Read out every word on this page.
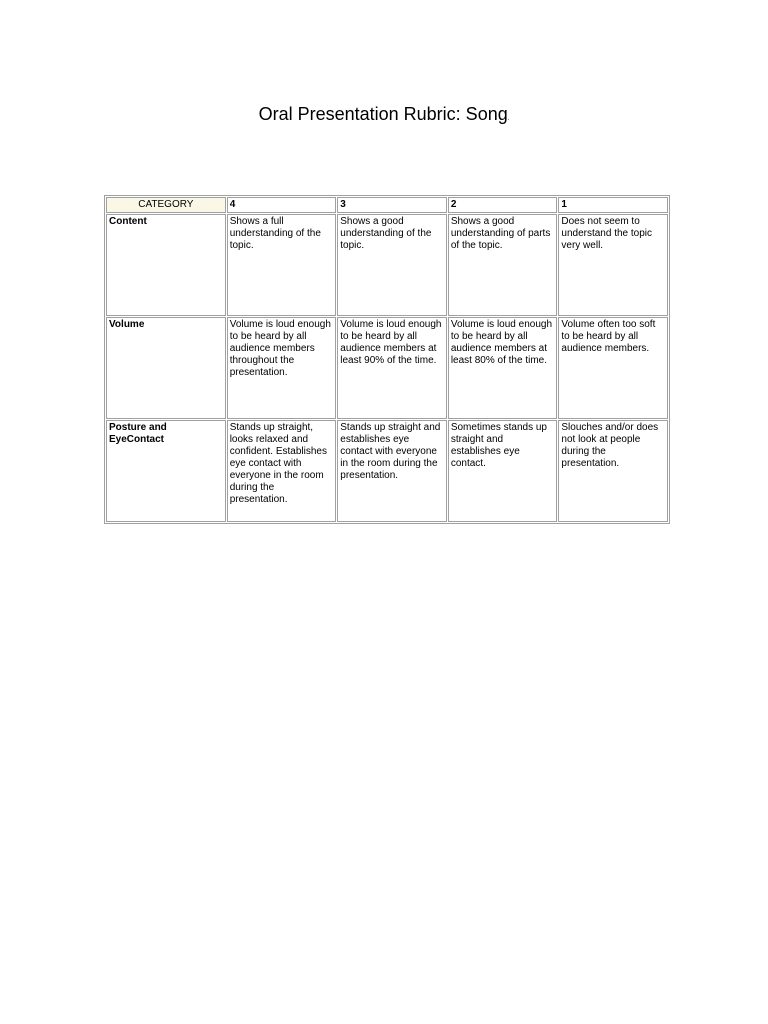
Oral Presentation Rubric: Song.
CATEGORY	4	3	2	1
Content	Shows a full understanding of the topic.	Shows a good understanding of the topic.	Shows a good understanding of parts of the topic.	Does not seem to understand the topic very well.
Volume	Volume is loud enough to be heard by all audience members throughout the presentation.	Volume is loud enough to be heard by all audience members at least 90% of the time.	Volume is loud enough to be heard by all audience members at least 80% of the time.	Volume often too soft to be heard by all audience members.
Posture and EyeContact	Stands up straight, looks relaxed and confident. Establishes eye contact with everyone in the room during the presentation.	Stands up straight and establishes eye contact with everyone in the room during the presentation.	Sometimes stands up straight and establishes eye contact.	Slouches and/or does not look at people during the presentation.
